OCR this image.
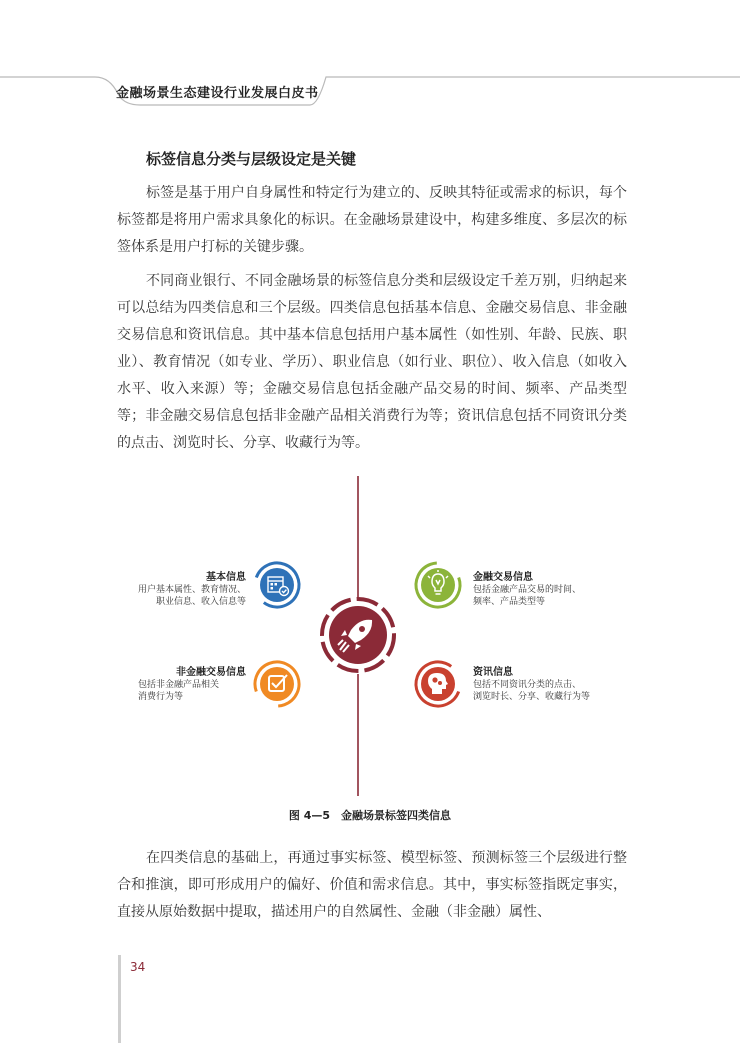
金融场景生态建设行业发展白皮书
标签信息分类与层级设定是关键

标签是基于用户自身属性和特定行为建立的、反映其特征或需求的标识，每个标签都是将用户需求具象化的标识。在金融场景建设中，构建多维度、多层次的标签体系是用户打标的关键步骤。

不同商业银行、不同金融场景的标签信息分类和层级设定千差万别，归纳起来可以总结为四类信息和三个层级。四类信息包括基本信息、金融交易信息、非金融交易信息和资讯信息。其中基本信息包括用户基本属性（如性别、年龄、民族、职业）、教育情况（如专业、学历）、职业信息（如行业、职位）、收入信息（如收入水平、收入来源）等；金融交易信息包括金融产品交易的时间、频率、产品类型等；非金融交易信息包括非金融产品相关消费行为等；资讯信息包括不同资讯分类的点击、浏览时长、分享、收藏行为等。

基本信息
用户基本属性、教育情况、
职业信息、收入信息等
金融交易信息
包括金融产品交易的时间、
频率、产品类型等
非金融交易信息
包括非金融产品相关
消费行为等
资讯信息
包括不同资讯分类的点击、
浏览时长、分享、收藏行为等
图 4—5　金融场景标签四类信息

在四类信息的基础上，再通过事实标签、模型标签、预测标签三个层级进行整合和推演，即可形成用户的偏好、价值和需求信息。其中，事实标签指既定事实，直接从原始数据中提取，描述用户的自然属性、金融（非金融）属性、

34
